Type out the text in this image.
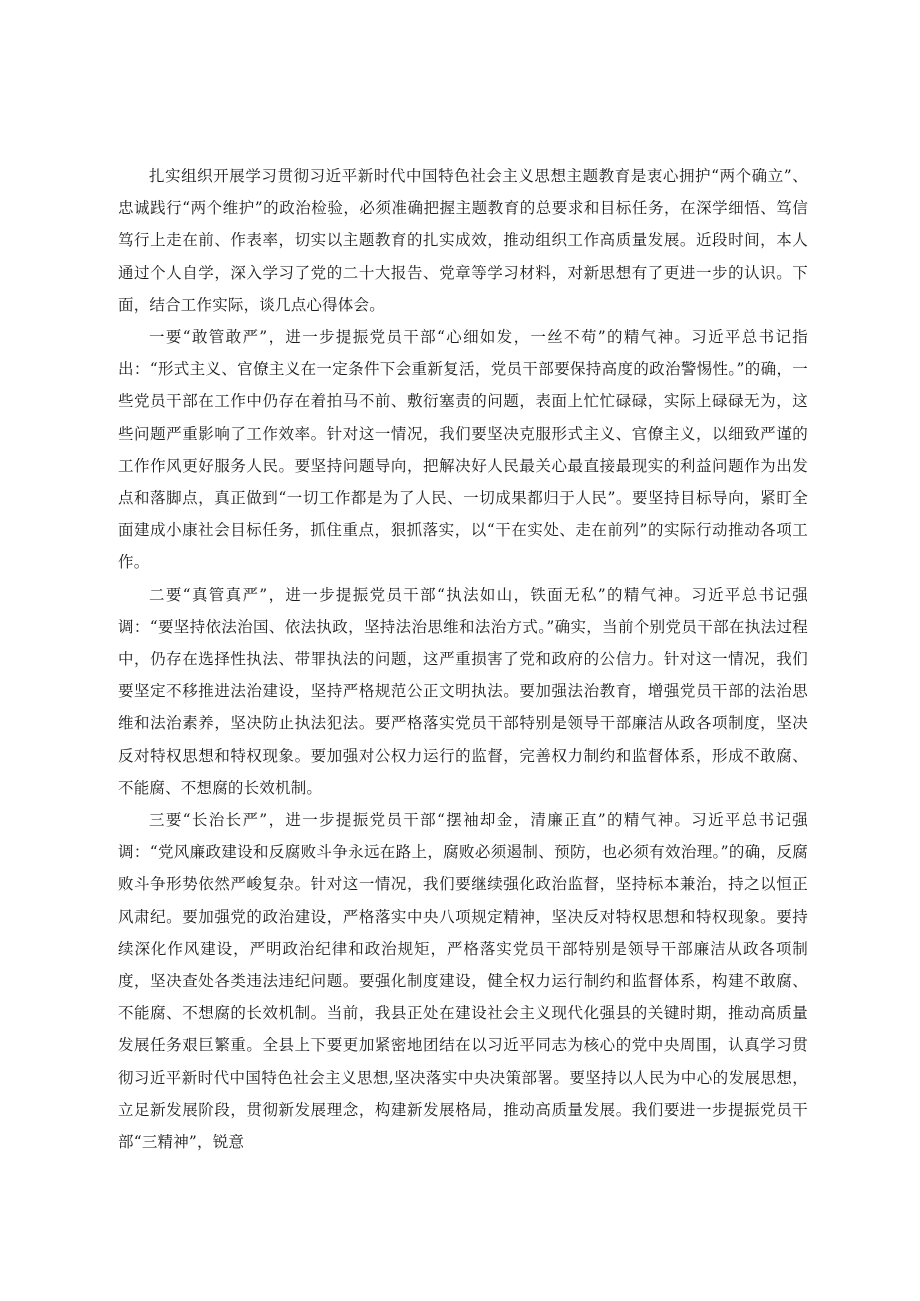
扎实组织开展学习贯彻习近平新时代中国特色社会主义思想主题教育是衷心拥护“两个确立”、忠诚践行“两个维护”的政治检验，必须准确把握主题教育的总要求和目标任务，在深学细悟、笃信笃行上走在前、作表率，切实以主题教育的扎实成效，推动组织工作高质量发展。近段时间，本人通过个人自学，深入学习了党的二十大报告、党章等学习材料，对新思想有了更进一步的认识。下面，结合工作实际，谈几点心得体会。

一要“敢管敢严”，进一步提振党员干部“心细如发，一丝不苟”的精气神。习近平总书记指出：“形式主义、官僚主义在一定条件下会重新复活，党员干部要保持高度的政治警惕性。”的确，一些党员干部在工作中仍存在着拍马不前、敷衍塞责的问题，表面上忙忙碌碌，实际上碌碌无为，这些问题严重影响了工作效率。针对这一情况，我们要坚决克服形式主义、官僚主义，以细致严谨的工作作风更好服务人民。要坚持问题导向，把解决好人民最关心最直接最现实的利益问题作为出发点和落脚点，真正做到“一切工作都是为了人民、一切成果都归于人民”。要坚持目标导向，紧盯全面建成小康社会目标任务，抓住重点，狠抓落实，以“干在实处、走在前列”的实际行动推动各项工作。

二要“真管真严”，进一步提振党员干部“执法如山，铁面无私”的精气神。习近平总书记强调：“要坚持依法治国、依法执政，坚持法治思维和法治方式。”确实，当前个别党员干部在执法过程中，仍存在选择性执法、带罪执法的问题，这严重损害了党和政府的公信力。针对这一情况，我们要坚定不移推进法治建设，坚持严格规范公正文明执法。要加强法治教育，增强党员干部的法治思维和法治素养，坚决防止执法犯法。要严格落实党员干部特别是领导干部廉洁从政各项制度，坚决反对特权思想和特权现象。要加强对公权力运行的监督，完善权力制约和监督体系，形成不敢腐、不能腐、不想腐的长效机制。

三要“长治长严”，进一步提振党员干部“摆袖却金，清廉正直”的精气神。习近平总书记强调：“党风廉政建设和反腐败斗争永远在路上，腐败必须遏制、预防，也必须有效治理。”的确，反腐败斗争形势依然严峻复杂。针对这一情况，我们要继续强化政治监督，坚持标本兼治，持之以恒正风肃纪。要加强党的政治建设，严格落实中央八项规定精神，坚决反对特权思想和特权现象。要持续深化作风建设，严明政治纪律和政治规矩，严格落实党员干部特别是领导干部廉洁从政各项制度，坚决查处各类违法违纪问题。要强化制度建设，健全权力运行制约和监督体系，构建不敢腐、不能腐、不想腐的长效机制。当前，我县正处在建设社会主义现代化强县的关键时期，推动高质量发展任务艰巨繁重。全县上下要更加紧密地团结在以习近平同志为核心的党中央周围，认真学习贯彻习近平新时代中国特色社会主义思想,坚决落实中央决策部署。要坚持以人民为中心的发展思想，立足新发展阶段，贯彻新发展理念，构建新发展格局，推动高质量发展。我们要进一步提振党员干部“三精神”，锐意
